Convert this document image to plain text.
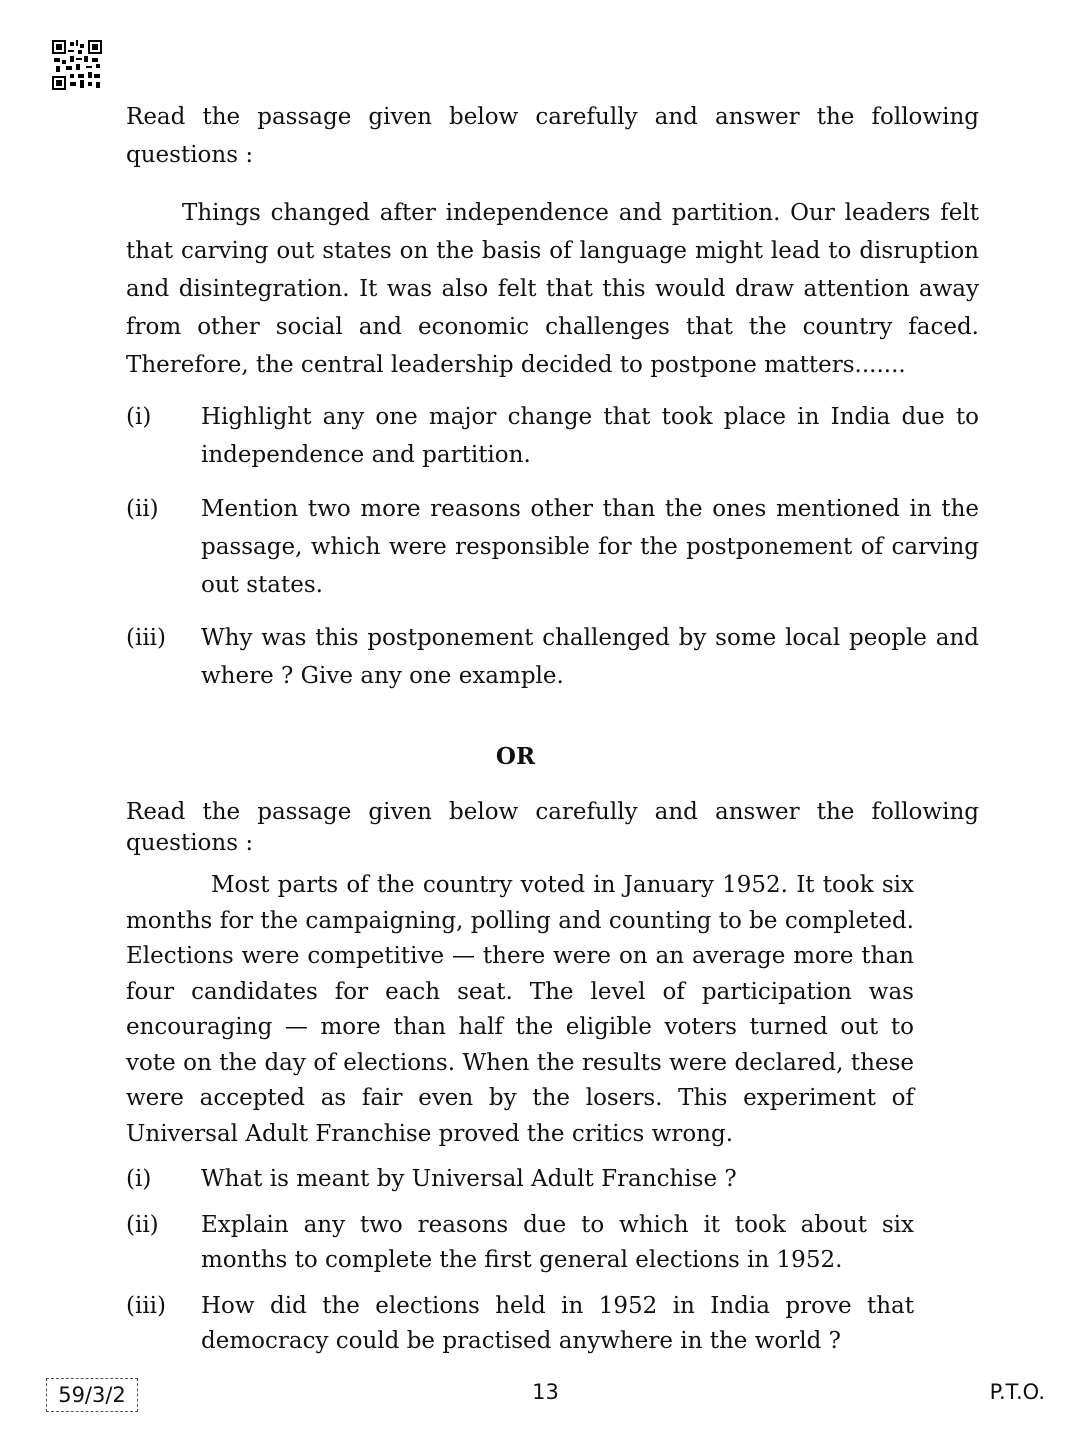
Read the passage given below carefully and answer the following questions :
Things changed after independence and partition. Our leaders felt that carving out states on the basis of language might lead to disruption and disintegration. It was also felt that this would draw attention away from other social and economic challenges that the country faced. Therefore, the central leadership decided to postpone matters.......
(i) Highlight any one major change that took place in India due to independence and partition.
(ii) Mention two more reasons other than the ones mentioned in the passage, which were responsible for the postponement of carving out states.
(iii) Why was this postponement challenged by some local people and where ? Give any one example.
OR
Read the passage given below carefully and answer the following questions :
Most parts of the country voted in January 1952. It took six months for the campaigning, polling and counting to be completed. Elections were competitive — there were on an average more than four candidates for each seat. The level of participation was encouraging — more than half the eligible voters turned out to vote on the day of elections. When the results were declared, these were accepted as fair even by the losers. This experiment of Universal Adult Franchise proved the critics wrong.
(i) What is meant by Universal Adult Franchise ?
(ii) Explain any two reasons due to which it took about six months to complete the first general elections in 1952.
(iii) How did the elections held in 1952 in India prove that democracy could be practised anywhere in the world ?
59/3/2	13	P.T.O.
